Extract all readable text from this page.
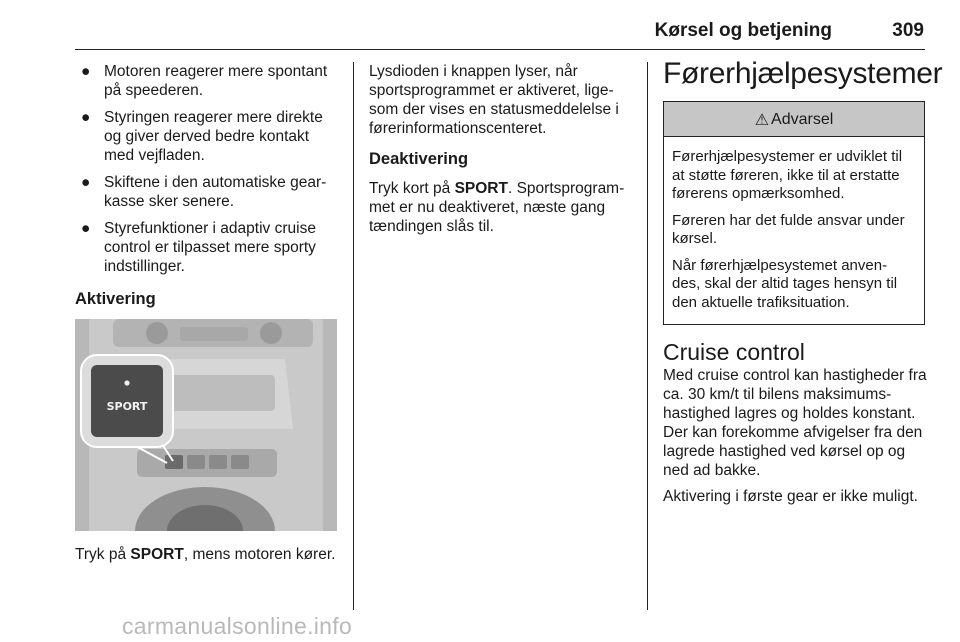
Kørsel og betjening	309
● Motoren reagerer mere spontant på speederen.
● Styringen reagerer mere direkte og giver derved bedre kontakt med vejfladen.
● Skiftene i den automatiske gear- kasse sker senere.
● Styrefunktioner i adaptiv cruise control er tilpasset mere sporty indstillinger.
Aktivering
SPORT

Tryk på SPORT, mens motoren kører.

Lysdioden i knappen lyser, når sportsprogrammet er aktiveret, lige- som der vises en statusmeddelelse i førerinformationscenteret.

Deaktivering

Tryk kort på SPORT. Sportsprogram- met er nu deaktiveret, næste gang tændingen slås til.

Førerhjælpesystemer
⚠ Advarsel

Førerhjælpesystemer er udviklet til at støtte føreren, ikke til at erstatte førerens opmærksomhed.

Føreren har det fulde ansvar under kørsel.

Når førerhjælpesystemet anven- des, skal der altid tages hensyn til den aktuelle trafiksituation.

Cruise control

Med cruise control kan hastigheder fra ca. 30 km/t til bilens maksimums- hastighed lagres og holdes konstant. Der kan forekomme afvigelser fra den lagrede hastighed ved kørsel op og ned ad bakke.

Aktivering i første gear er ikke muligt.

carmanualsonline.info
